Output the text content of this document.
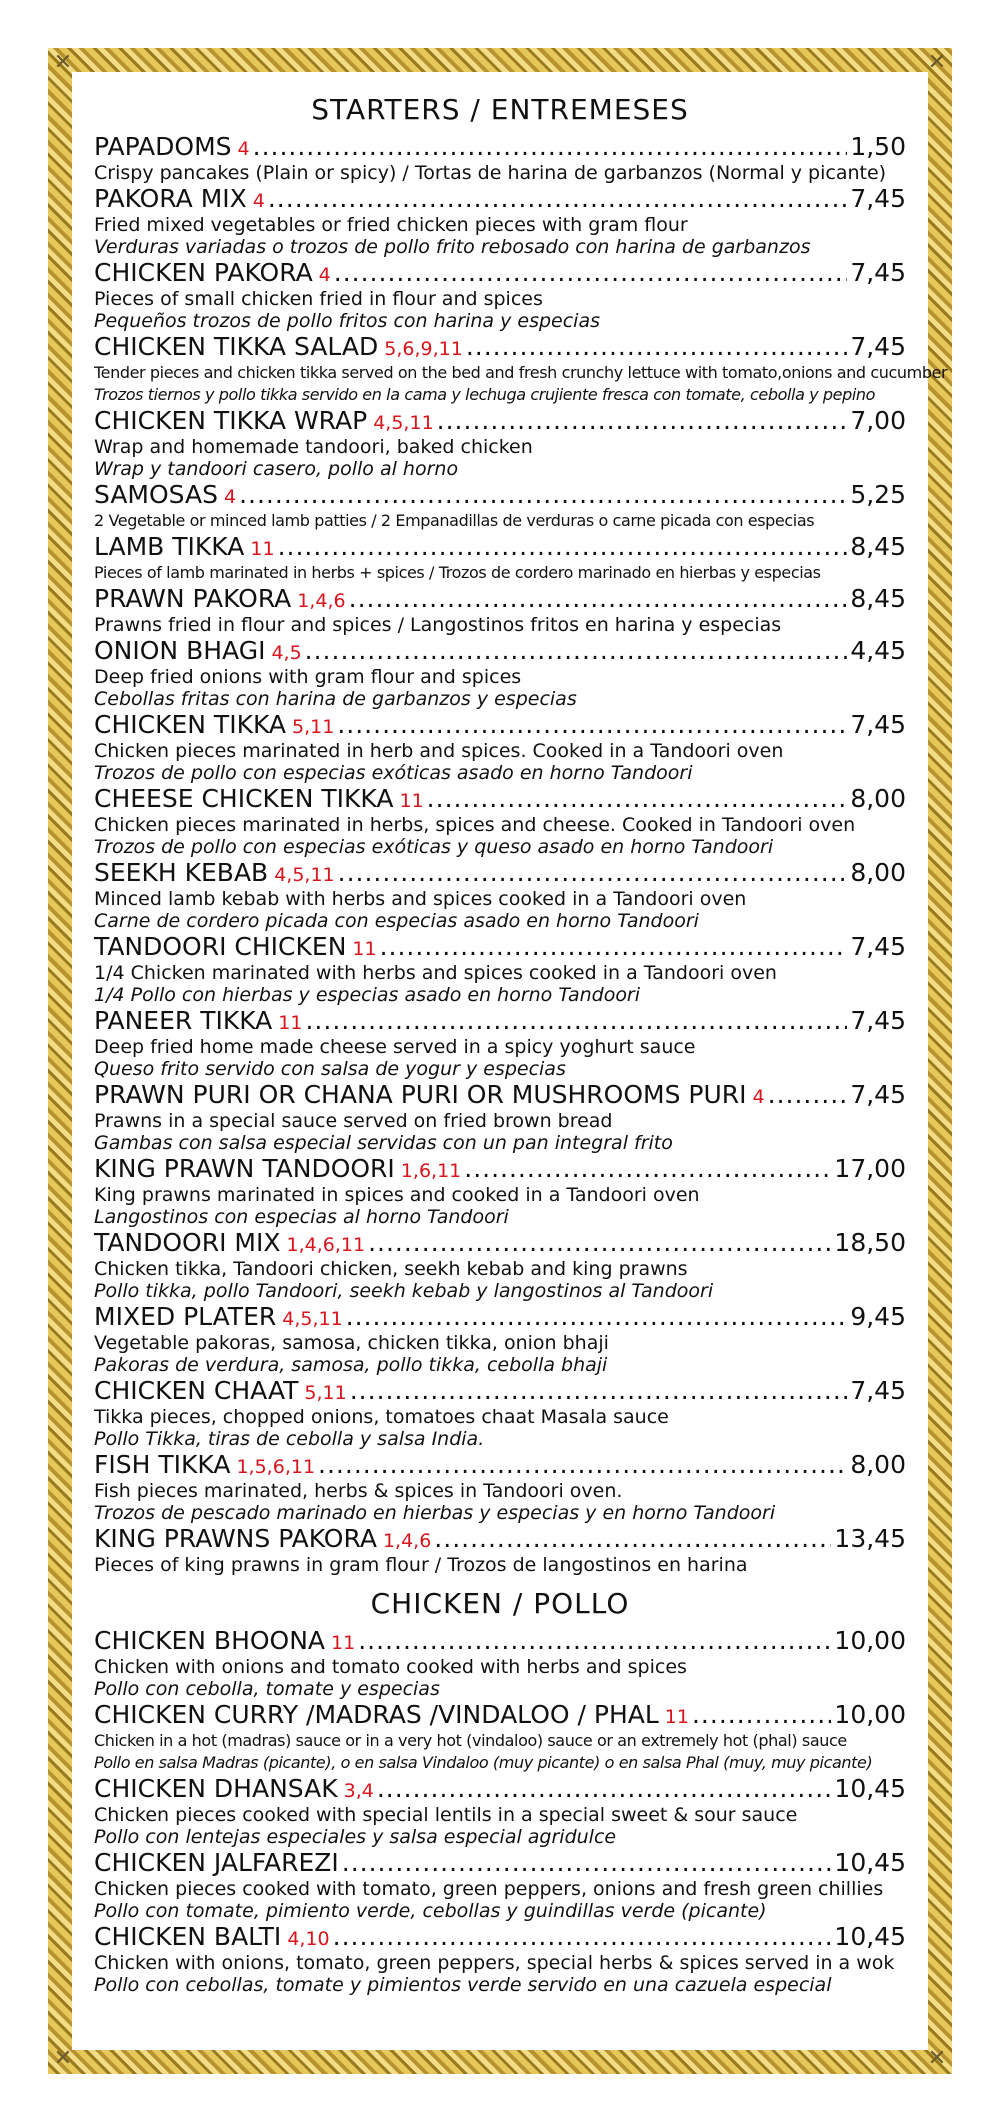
✕	✕
✕	✕
STARTERS / ENTREMESES
PAPADOMS 4 .....	1,50
Crispy pancakes (Plain or spicy) / Tortas de harina de garbanzos (Normal y picante)
PAKORA MIX 4 .....	7,45
Fried mixed vegetables or fried chicken pieces with gram flour
Verduras variadas o trozos de pollo frito rebosado con harina de garbanzos
CHICKEN PAKORA 4 .....	7,45
Pieces of small chicken fried in flour and spices
Pequeños trozos de pollo fritos con harina y especias
CHICKEN TIKKA SALAD 5,6,9,11 .....	7,45
Tender pieces and chicken tikka served on the bed and fresh crunchy lettuce with tomato,onions and cucumber
Trozos tiernos y pollo tikka servido en la cama y lechuga crujiente fresca con tomate, cebolla y pepino
CHICKEN TIKKA WRAP 4,5,11 .....	7,00
Wrap and homemade tandoori, baked chicken
Wrap y tandoori casero, pollo al horno
SAMOSAS 4 .....	5,25
2 Vegetable or minced lamb patties / 2 Empanadillas de verduras o carne picada con especias
LAMB TIKKA 11 .....	8,45
Pieces of lamb marinated in herbs + spices / Trozos de cordero marinado en hierbas y especias
PRAWN PAKORA 1,4,6 .....	8,45
Prawns fried in flour and spices / Langostinos fritos en harina y especias
ONION BHAGI 4,5 .....	4,45
Deep fried onions with gram flour and spices
Cebollas fritas con harina de garbanzos y especias
CHICKEN TIKKA 5,11 .....	7,45
Chicken pieces marinated in herb and spices. Cooked in a Tandoori oven
Trozos de pollo con especias exóticas asado en horno Tandoori
CHEESE CHICKEN TIKKA 11 .....	8,00
Chicken pieces marinated in herbs, spices and cheese. Cooked in Tandoori oven
Trozos de pollo con especias exóticas y queso asado en horno Tandoori
SEEKH KEBAB 4,5,11 .....	8,00
Minced lamb kebab with herbs and spices cooked in a Tandoori oven
Carne de cordero picada con especias asado en horno Tandoori
TANDOORI CHICKEN 11 .....	7,45
1/4 Chicken marinated with herbs and spices cooked in a Tandoori oven
1/4 Pollo con hierbas y especias asado en horno Tandoori
PANEER TIKKA 11 .....	7,45
Deep fried home made cheese served in a spicy yoghurt sauce
Queso frito servido con salsa de yogur y especias
PRAWN PURI OR CHANA PURI OR MUSHROOMS PURI 4 .....	7,45
Prawns in a special sauce served on fried brown bread
Gambas con salsa especial servidas con un pan integral frito
KING PRAWN TANDOORI 1,6,11 .....	17,00
King prawns marinated in spices and cooked in a Tandoori oven
Langostinos con especias al horno Tandoori
TANDOORI MIX 1,4,6,11 .....	18,50
Chicken tikka, Tandoori chicken, seekh kebab and king prawns
Pollo tikka, pollo Tandoori, seekh kebab y langostinos al Tandoori
MIXED PLATER 4,5,11 .....	9,45
Vegetable pakoras, samosa, chicken tikka, onion bhaji
Pakoras de verdura, samosa, pollo tikka, cebolla bhaji
CHICKEN CHAAT 5,11 .....	7,45
Tikka pieces, chopped onions, tomatoes chaat Masala sauce
Pollo Tikka, tiras de cebolla y salsa India.
FISH TIKKA 1,5,6,11 .....	8,00
Fish pieces marinated, herbs & spices in Tandoori oven.
Trozos de pescado marinado en hierbas y especias y en horno Tandoori
KING PRAWNS PAKORA 1,4,6 .....	13,45
Pieces of king prawns in gram flour / Trozos de langostinos en harina
CHICKEN / POLLO
CHICKEN BHOONA 11 .....	10,00
Chicken with onions and tomato cooked with herbs and spices
Pollo con cebolla, tomate y especias
CHICKEN CURRY /MADRAS /VINDALOO / PHAL 11 .....	10,00
Chicken in a hot (madras) sauce or in a very hot (vindaloo) sauce or an extremely hot (phal) sauce
Pollo en salsa Madras (picante), o en salsa Vindaloo (muy picante) o en salsa Phal (muy, muy picante)
CHICKEN DHANSAK 3,4 .....	10,45
Chicken pieces cooked with special lentils in a special sweet & sour sauce
Pollo con lentejas especiales y salsa especial agridulce
CHICKEN JALFAREZI .....	10,45
Chicken pieces cooked with tomato, green peppers, onions and fresh green chillies
Pollo con tomate, pimiento verde, cebollas y guindillas verde (picante)
CHICKEN BALTI 4,10 .....	10,45
Chicken with onions, tomato, green peppers, special herbs & spices served in a wok
Pollo con cebollas, tomate y pimientos verde servido en una cazuela especial
